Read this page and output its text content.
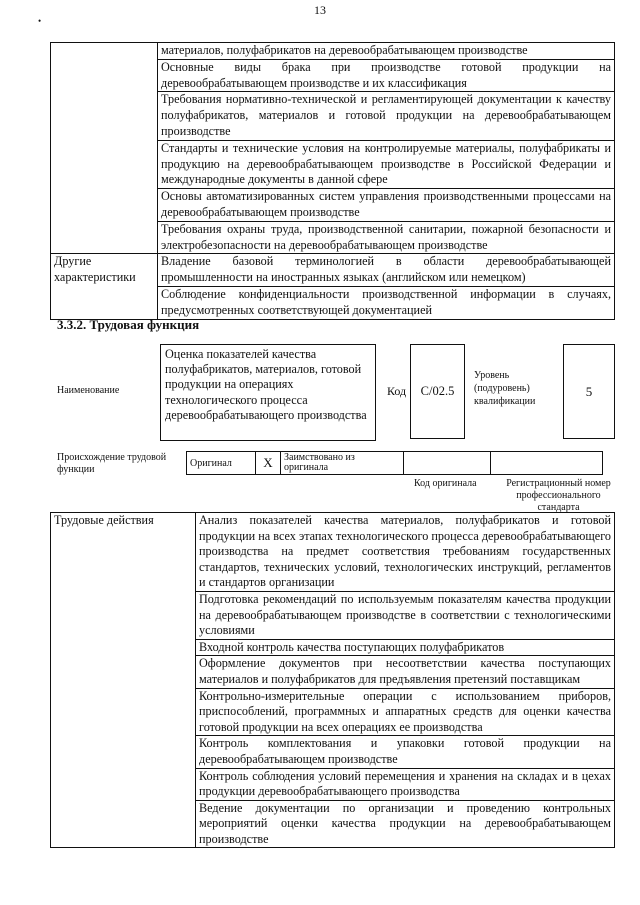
•
13
	материалов, полуфабрикатов на деревообрабатывающем производстве
	Основные виды брака при производстве готовой продукции на деревообрабатывающем производстве и их классификация
	Требования нормативно-технической и регламентирующей документации к качеству полуфабрикатов, материалов и готовой продукции на деревообрабатывающем производстве
	Стандарты и технические условия на контролируемые материалы, полуфабрикаты и продукцию на деревообрабатывающем производстве в Российской Федерации и международные документы в данной сфере
	Основы автоматизированных систем управления производственными процессами на деревообрабатывающем производстве
	Требования охраны труда, производственной санитарии, пожарной безопасности и электробезопасности на деревообрабатывающем производстве
Другие характеристики	Владение базовой терминологией в области деревообрабатывающей промышленности на иностранных языках (английском или немецком)
	Соблюдение конфиденциальности производственной информации в случаях, предусмотренных соответствующей документацией
3.3.2. Трудовая функция
Наименование
Оценка показателей качества полуфабрикатов, материалов, готовой продукции на операциях технологического процесса деревообрабатывающего производства
Код	С/02.5
Уровень (подуровень) квалификации
5
Происхождение трудовой функции
Оригинал	X	Заимствовано из оригинала		
Код оригинала	Регистрационный номер профессионального стандарта
Трудовые действия	Анализ показателей качества материалов, полуфабрикатов и готовой продукции на всех этапах технологического процесса деревообрабатывающего производства на предмет соответствия требованиям государственных стандартов, технических условий, технологических инструкций, регламентов и стандартов организации
Подготовка рекомендаций по используемым показателям качества продукции на деревообрабатывающем производстве в соответствии с технологическими условиями
Входной контроль качества поступающих полуфабрикатов
Оформление документов при несоответствии качества поступающих материалов и полуфабрикатов для предъявления претензий поставщикам
Контрольно-измерительные операции с использованием приборов, приспособлений, программных и аппаратных средств для оценки качества готовой продукции на всех операциях ее производства
Контроль комплектования и упаковки готовой продукции на деревообрабатывающем производстве
Контроль соблюдения условий перемещения и хранения на складах и в цехах продукции деревообрабатывающего производства
Ведение документации по организации и проведению контрольных мероприятий оценки качества продукции на деревообрабатывающем производстве
